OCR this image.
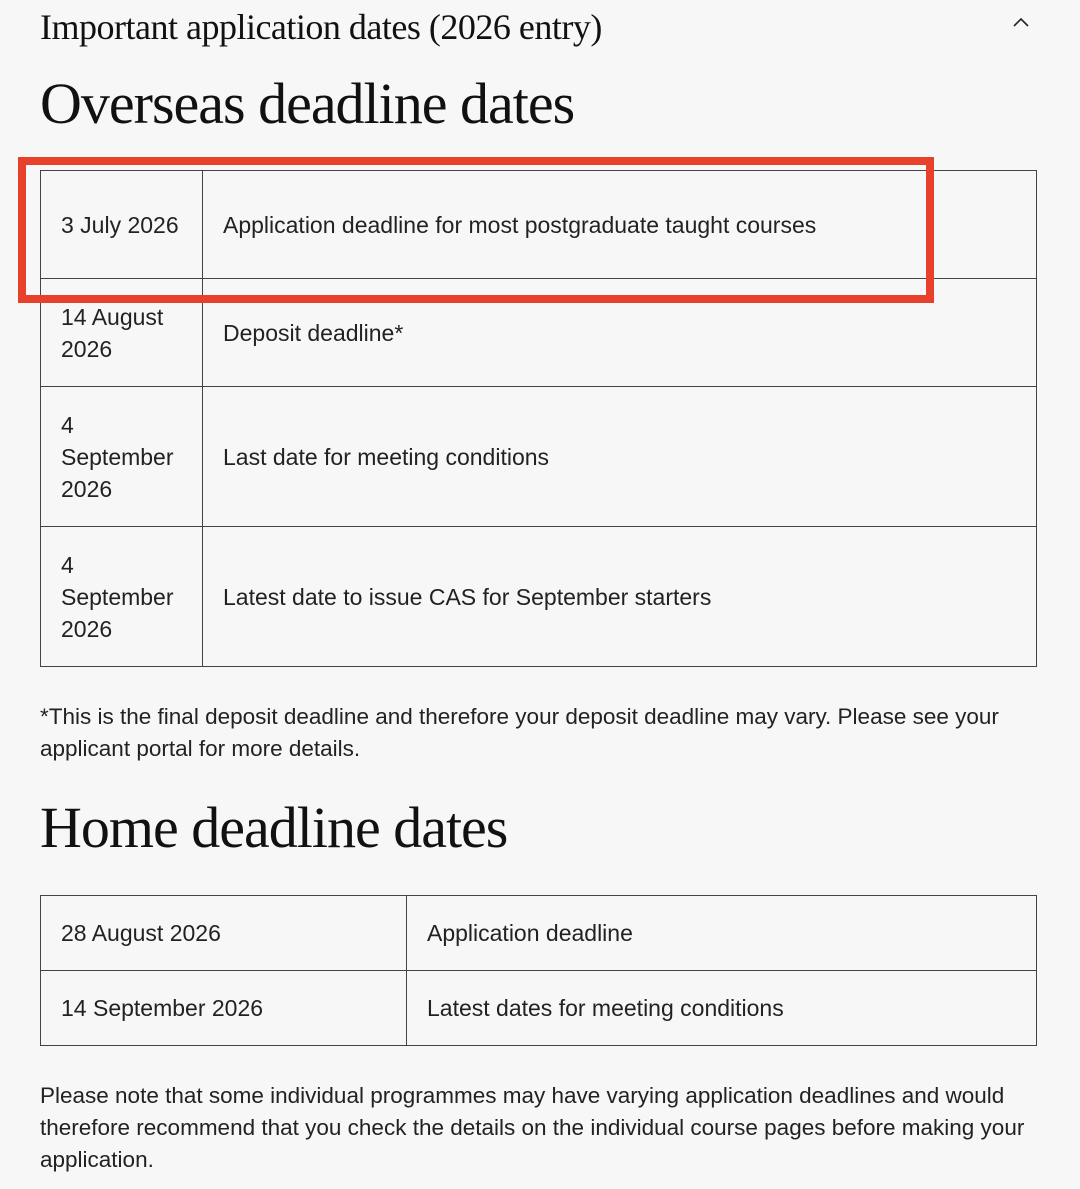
Important application dates (2026 entry)
Overseas deadline dates
3 July 2026	Application deadline for most postgraduate taught courses
14 August 2026	Deposit deadline*
4 September 2026	Last date for meeting conditions
4 September 2026	Latest date to issue CAS for September starters

*This is the final deposit deadline and therefore your deposit deadline may vary. Please see your applicant portal for more details.

Home deadline dates
28 August 2026	Application deadline
14 September 2026	Latest dates for meeting conditions

Please note that some individual programmes may have varying application deadlines and would therefore recommend that you check the details on the individual course pages before making your application.
